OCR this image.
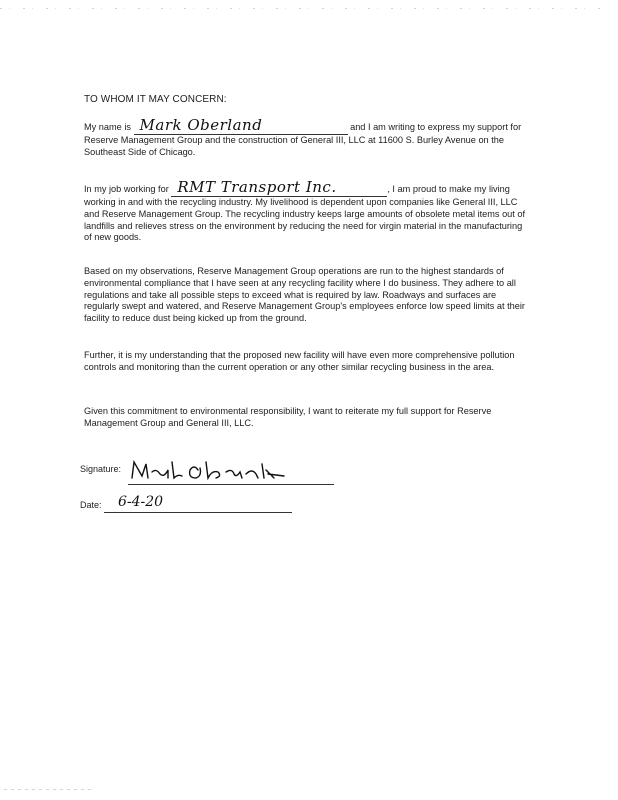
TO WHOM IT MAY CONCERN:
My name is Mark Oberland	and I am writing to express my support for Reserve Management Group and the construction of General III, LLC at 11600 S. Burley Avenue on the Southeast Side of Chicago.
In my job working for RMT Transport Inc.	, I am proud to make my living working in and with the recycling industry. My livelihood is dependent upon companies like General III, LLC and Reserve Management Group. The recycling industry keeps large amounts of obsolete metal items out of landfills and relieves stress on the environment by reducing the need for virgin material in the manufacturing of new goods.
Based on my observations, Reserve Management Group operations are run to the highest standards of environmental compliance that I have seen at any recycling facility where I do business. They adhere to all regulations and take all possible steps to exceed what is required by law. Roadways and surfaces are regularly swept and watered, and Reserve Management Group's employees enforce low speed limits at their facility to reduce dust being kicked up from the ground.
Further, it is my understanding that the proposed new facility will have even more comprehensive pollution controls and monitoring than the current operation or any other similar recycling business in the area.
Given this commitment to environmental responsibility, I want to reiterate my full support for Reserve Management Group and General III, LLC.
Signature:
Date: 6-4-20
